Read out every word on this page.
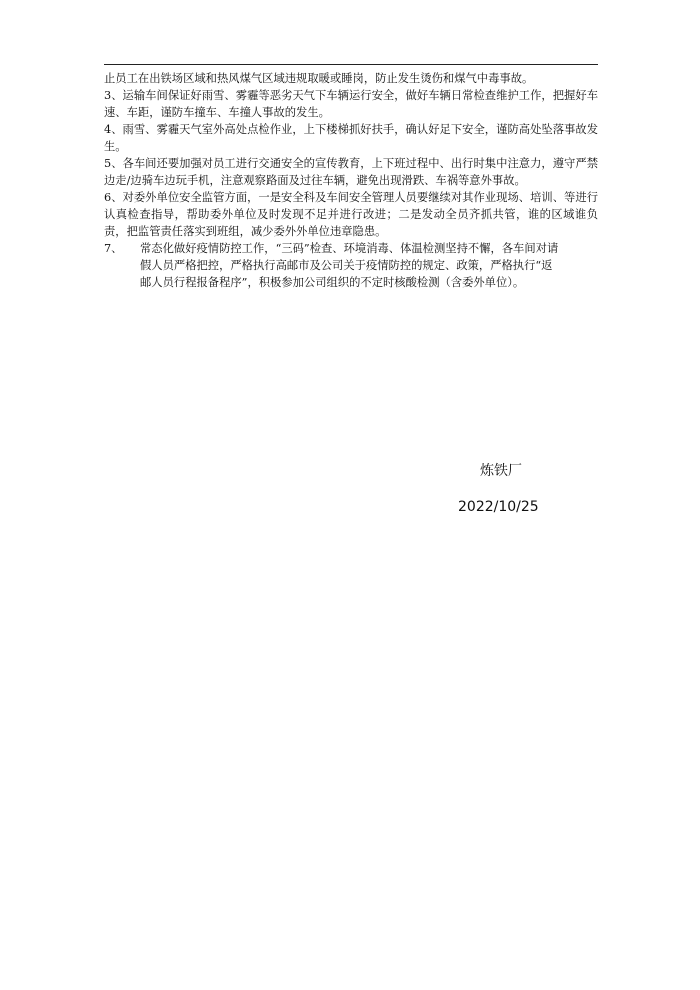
止员工在出铁场区域和热风煤气区域违规取暖或睡岗，防止发生烫伤和煤气中毒事故。

3、运输车间保证好雨雪、雾霾等恶劣天气下车辆运行安全，做好车辆日常检查维护工作，把握好车速、车距，谨防车撞车、车撞人事故的发生。

4、雨雪、雾霾天气室外高处点检作业，上下楼梯抓好扶手，确认好足下安全，谨防高处坠落事故发生。

5、各车间还要加强对员工进行交通安全的宣传教育，上下班过程中、出行时集中注意力，遵守严禁边走/边骑车边玩手机，注意观察路面及过往车辆，避免出现滑跌、车祸等意外事故。

6、对委外单位安全监管方面，一是安全科及车间安全管理人员要继续对其作业现场、培训、等进行认真检查指导，帮助委外单位及时发现不足并进行改进；二是发动全员齐抓共管，谁的区域谁负责，把监管责任落实到班组，减少委外外单位违章隐患。

7、	常态化做好疫情防控工作，“三码”检查、环境消毒、体温检测坚持不懈，各车间对请
假人员严格把控，严格执行高邮市及公司关于疫情防控的规定、政策，严格执行“返
邮人员行程报备程序”，积极参加公司组织的不定时核酸检测（含委外单位）。
炼铁厂
2022/10/25
